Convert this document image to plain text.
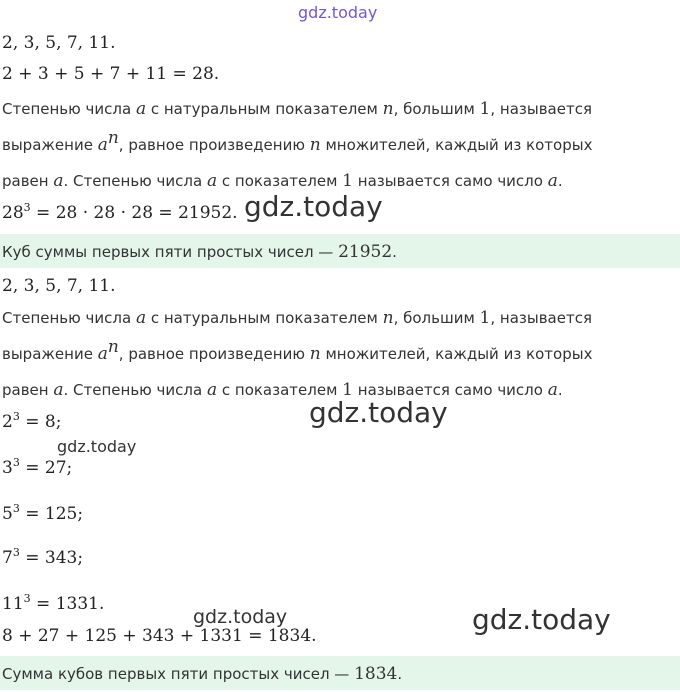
gdz.today
2, 3, 5, 7, 11.
2 + 3 + 5 + 7 + 11 = 28.
Степенью числа a с натуральным показателем n, большим 1, называется
выражение $a^n$, равное произведению n множителей, каждый из которых
равен a. Степенью числа a с показателем 1 называется само число a.
$28^3 = 28 \cdot 28 \cdot 28 = 21952$. gdz.today
Куб суммы первых пяти простых чисел — 21952.
2, 3, 5, 7, 11.
Степенью числа a с натуральным показателем n, большим 1, называется
выражение $a^n$, равное произведению n множителей, каждый из которых
равен a. Степенью числа a с показателем 1 называется само число a.
gdz.today
$2^3 = 8$;
gdz.today
$3^3 = 27$;
$5^3 = 125$;
$7^3 = 343$;
$11^3 = 1331$.
gdz.today	gdz.today
8 + 27 + 125 + 343 + 1331 = 1834.
Сумма кубов первых пяти простых чисел — 1834.
